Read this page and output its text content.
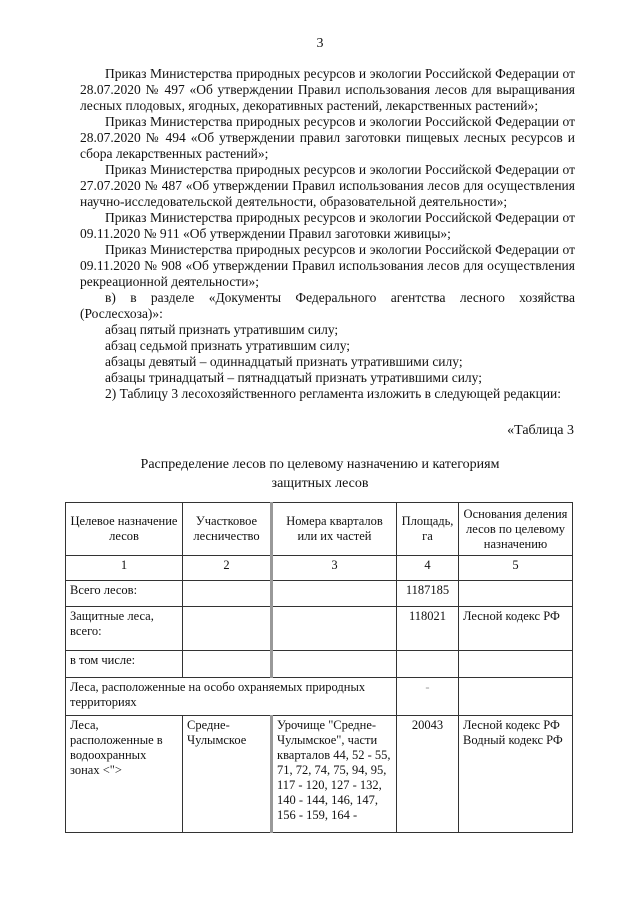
3
Приказ Министерства природных ресурсов и экологии Российской Федерации от
28.07.2020 № 497 «Об утверждении Правил использования лесов для выращивания
лесных плодовых, ягодных, декоративных растений, лекарственных растений»;
Приказ Министерства природных ресурсов и экологии Российской Федерации от
28.07.2020 № 494 «Об утверждении правил заготовки пищевых лесных ресурсов и
сбора лекарственных растений»;
Приказ Министерства природных ресурсов и экологии Российской Федерации от
27.07.2020 № 487 «Об утверждении Правил использования лесов для осуществления
научно-исследовательской деятельности, образовательной деятельности»;
Приказ Министерства природных ресурсов и экологии Российской Федерации от
09.11.2020 № 911 «Об утверждении Правил заготовки живицы»;
Приказ Министерства природных ресурсов и экологии Российской Федерации от
09.11.2020 № 908 «Об утверждении Правил использования лесов для осуществления
рекреационной деятельности»;
в) в разделе «Документы Федерального агентства лесного хозяйства
(Рослесхоза)»:
абзац пятый признать утратившим силу;
абзац седьмой признать утратившим силу;
абзацы девятый – одиннадцатый признать утратившими силу;
абзацы тринадцатый – пятнадцатый признать утратившими силу;
2) Таблицу 3 лесохозяйственного регламента изложить в следующей редакции:
«Таблица 3
Распределение лесов по целевому назначению и категориям
защитных лесов
Целевое назначение лесов	Участковое лесничество	Номера кварталов или их частей	Площадь, га	Основания деления лесов по целевому назначению
1	2	3	4	5
Всего лесов:			1187185	
Защитные леса, всего:			118021	Лесной кодекс РФ
в том числе:				
Леса, расположенные на особо охраняемых природных территориях			-	
Леса, расположенные в водоохранных зонах <">	Средне-Чулымское	Урочище "Средне-Чулымское", части кварталов 44, 52 - 55, 71, 72, 74, 75, 94, 95, 117 - 120, 127 - 132, 140 - 144, 146, 147, 156 - 159, 164 -	20043	Лесной кодекс РФ
Водный кодекс РФ
